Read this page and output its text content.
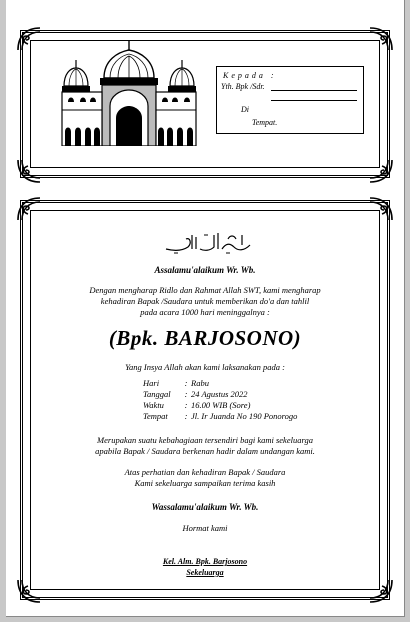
Kepada :
Yth. Bpk /Sdr.
Di
Tempat.
Assalamu'alaikum Wr. Wb.
Dengan mengharap Ridlo dan Rahmat Allah SWT, kami mengharap
kehadiran Bapak /Saudara untuk memberikan do'a dan tahlil
pada acara 1000 hari meninggalnya :
(Bpk. BARJOSONO)
Yang Insya Allah akan kami laksanakan pada :
Hari	: Rabu
Tanggal : 24 Agustus 2022
Waktu : 16.00 WIB (Sore)
Tempat : Jl. Ir Juanda No 190 Ponorogo
Merupakan suatu kebahagiaan tersendiri bagi kami sekeluarga
apabila Bapak / Saudara berkenan hadir dalam undangan kami.
Atas perhatian dan kehadiran Bapak / Saudara
Kami sekeluarga sampaikan terima kasih
Wassalamu'alaikum Wr. Wb.
Hormat kami
Kel. Alm. Bpk. Barjosono
Sekeluarga
